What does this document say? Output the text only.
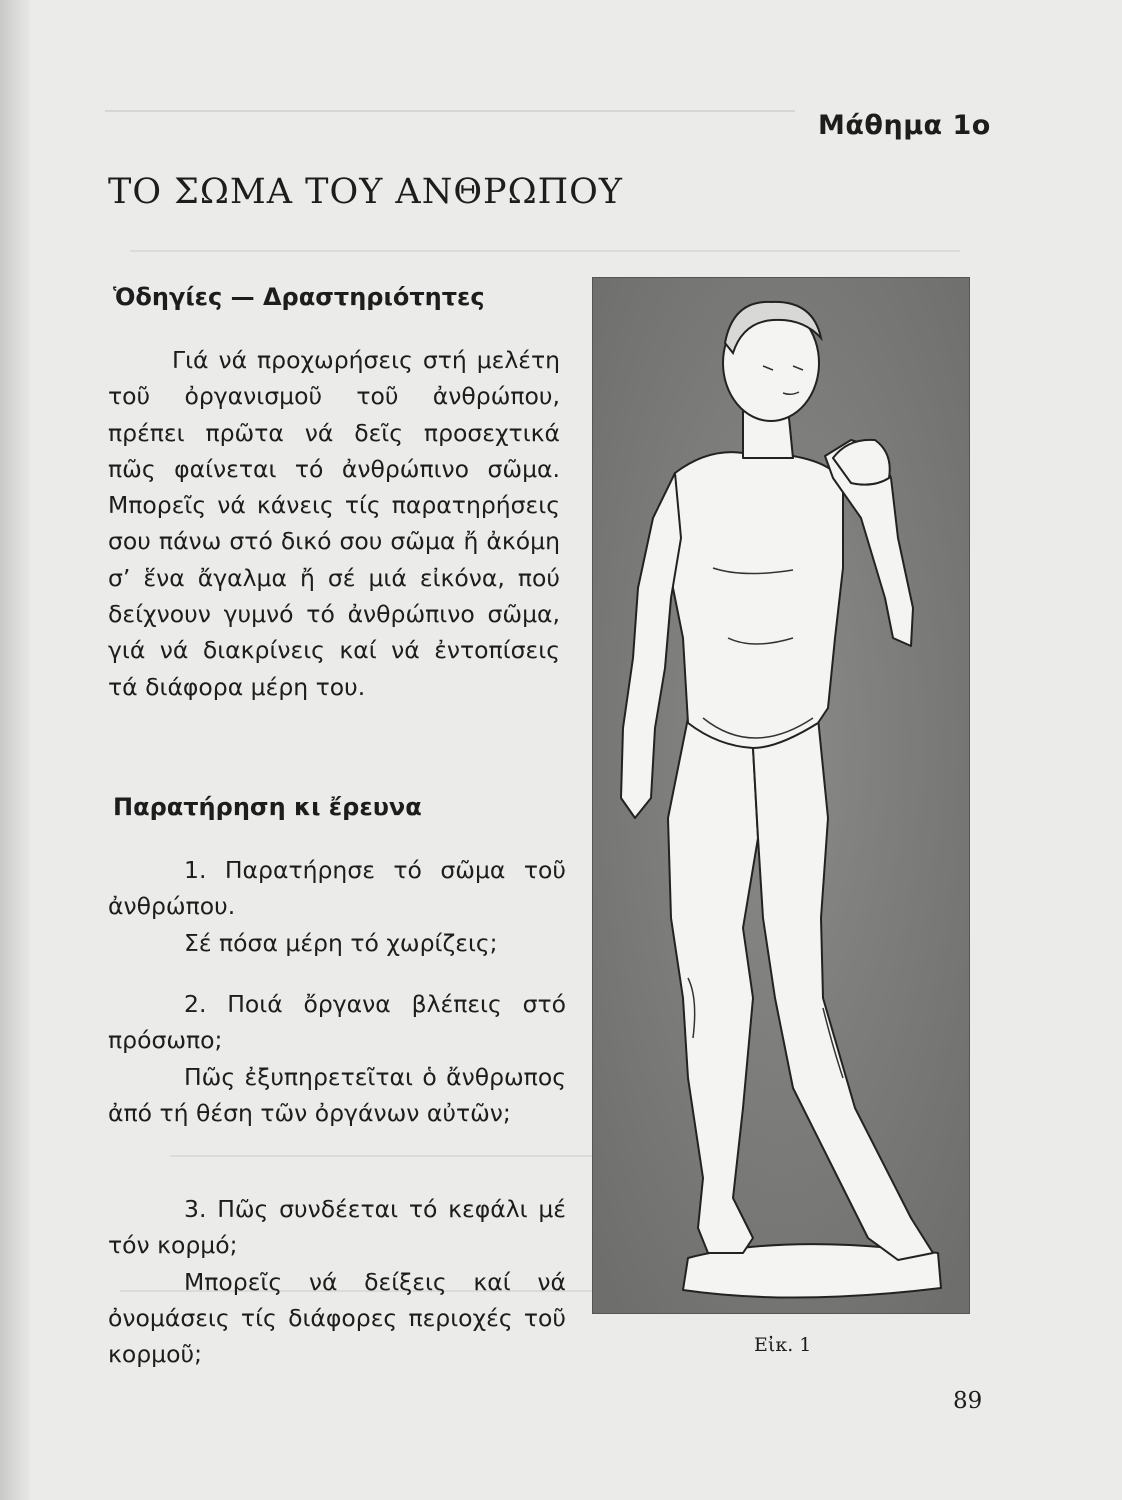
Μάθημα 1ο
ΤΟ ΣΩΜΑ ΤΟΥ ΑΝΘΡΩΠΟΥ
Ὁδηγίες — Δραστηριότητες

Γιά νά προχωρήσεις στή μελέτη τοῦ ὀργανισμοῦ τοῦ ἀνθρώπου, πρέπει πρῶτα νά δεῖς προσεχτικά πῶς φαίνεται τό ἀνθρώπινο σῶμα. Μπορεῖς νά κάνεις τίς παρατηρήσεις σου πάνω στό δικό σου σῶμα ἤ ἀκόμη σ’ ἕνα ἄγαλμα ἤ σέ μιά εἰκόνα, πού δείχνουν γυμνό τό ἀνθρώπινο σῶμα, γιά νά διακρίνεις καί νά ἐντοπίσεις τά διάφορα μέρη του.

Παρατήρηση κι ἔρευνα
1. Παρατήρησε τό σῶμα τοῦ ἀνθρώπου.
Σέ πόσα μέρη τό χωρίζεις;
2. Ποιά ὄργανα βλέπεις στό πρόσωπο;
Πῶς ἐξυπηρετεῖται ὁ ἄνθρωπος ἀπό τή θέση τῶν ὀργάνων αὐτῶν;
3. Πῶς συνδέεται τό κεφάλι μέ τόν κορμό;
Μπορεῖς νά δείξεις καί νά ὀνομάσεις τίς διάφορες περιοχές τοῦ κορμοῦ;	Εἰκ. 1
89
